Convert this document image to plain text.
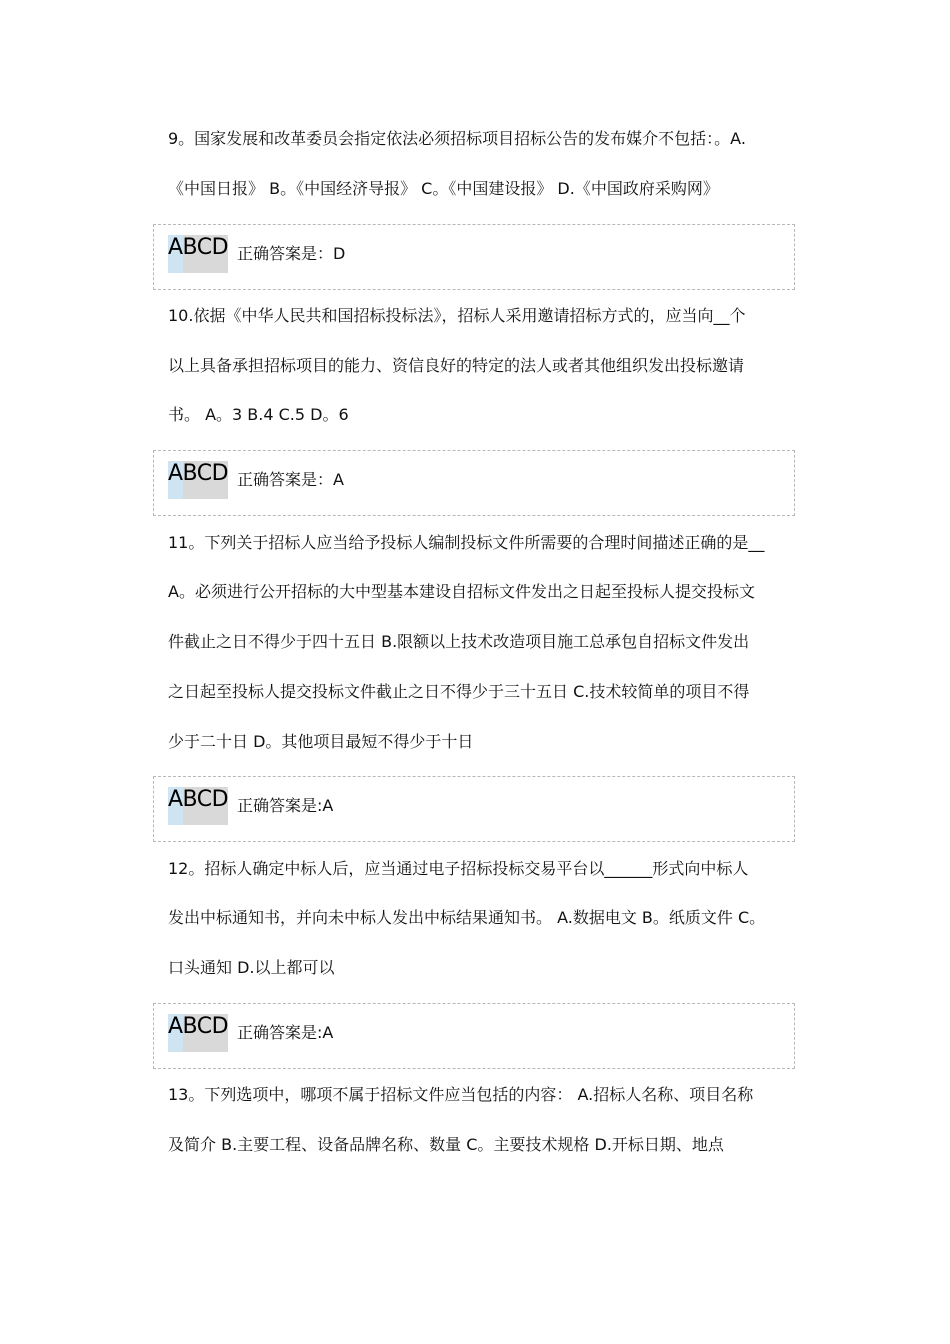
9。国家发展和改革委员会指定依法必须招标项目招标公告的发布媒介不包括：。A.
《中国日报》 B。《中国经济导报》 C。《中国建设报》 D.《中国政府采购网》
ABCD 正确答案是：D
10.依据《中华人民共和国招标投标法》，招标人采用邀请招标方式的，应当向__个
以上具备承担招标项目的能力、资信良好的特定的法人或者其他组织发出投标邀请
书。 A。3 B.4 C.5 D。6
ABCD 正确答案是：A
11。下列关于招标人应当给予投标人编制投标文件所需要的合理时间描述正确的是__
A。必须进行公开招标的大中型基本建设自招标文件发出之日起至投标人提交投标文
件截止之日不得少于四十五日 B.限额以上技术改造项目施工总承包自招标文件发出
之日起至投标人提交投标文件截止之日不得少于三十五日 C.技术较简单的项目不得
少于二十日 D。其他项目最短不得少于十日
ABCD 正确答案是:A
12。招标人确定中标人后，应当通过电子招标投标交易平台以______形式向中标人
发出中标通知书，并向未中标人发出中标结果通知书。 A.数据电文 B。纸质文件 C。
口头通知 D.以上都可以
ABCD 正确答案是:A
13。下列选项中，哪项不属于招标文件应当包括的内容： A.招标人名称、项目名称
及简介 B.主要工程、设备品牌名称、数量 C。主要技术规格 D.开标日期、地点
